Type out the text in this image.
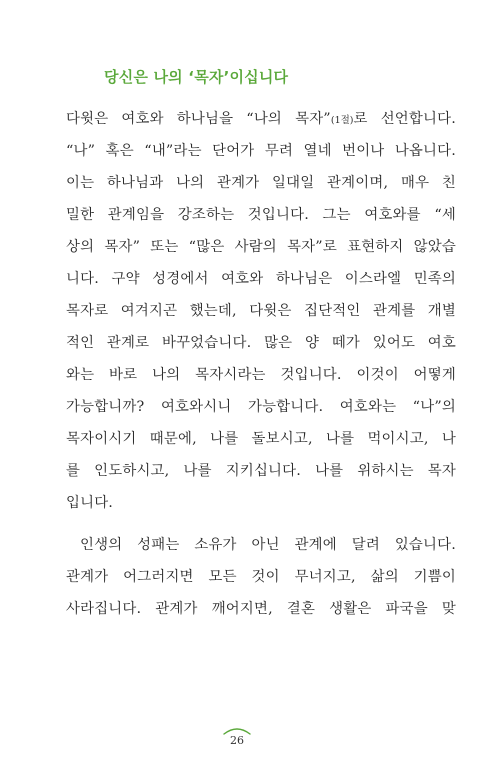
당신은 나의 ‘목자’이십니다
다윗은 여호와 하나님을 “나의 목자”(1절)로 선언합니다.
“나” 혹은 “내”라는 단어가 무려 열네 번이나 나옵니다.
이는 하나님과 나의 관계가 일대일 관계이며, 매우 친
밀한 관계임을 강조하는 것입니다. 그는 여호와를 “세
상의 목자” 또는 “많은 사람의 목자”로 표현하지 않았습
니다. 구약 성경에서 여호와 하나님은 이스라엘 민족의
목자로 여겨지곤 했는데, 다윗은 집단적인 관계를 개별
적인 관계로 바꾸었습니다. 많은 양 떼가 있어도 여호
와는 바로 나의 목자시라는 것입니다. 이것이 어떻게
가능합니까? 여호와시니 가능합니다. 여호와는 “나”의
목자이시기 때문에, 나를 돌보시고, 나를 먹이시고, 나
를 인도하시고, 나를 지키십니다. 나를 위하시는 목자
입니다.
인생의 성패는 소유가 아닌 관계에 달려 있습니다.
관계가 어그러지면 모든 것이 무너지고, 삶의 기쁨이
사라집니다. 관계가 깨어지면, 결혼 생활은 파국을 맞
26
